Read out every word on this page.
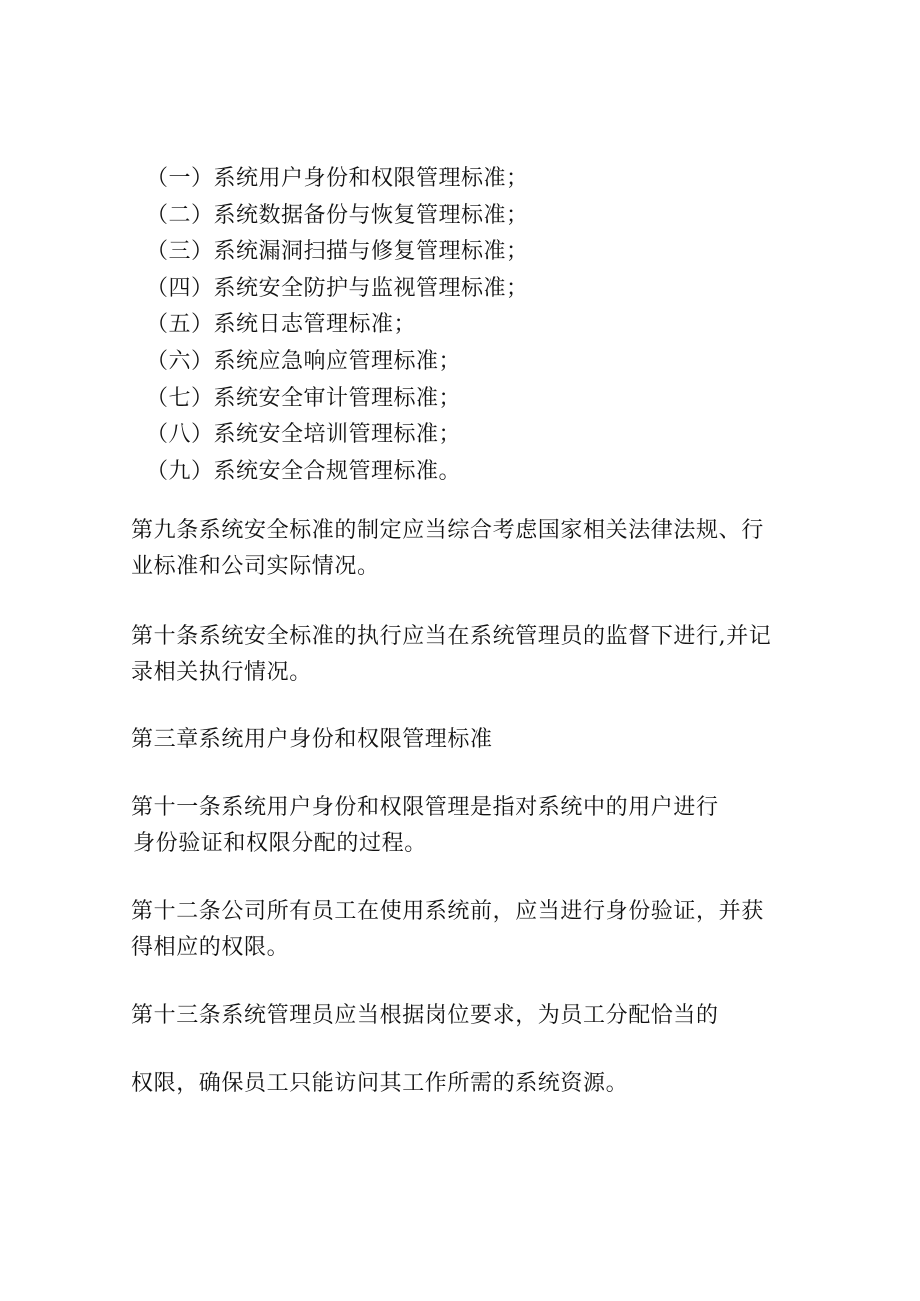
（一）系统用户身份和权限管理标准；
（二）系统数据备份与恢复管理标准；
（三）系统漏洞扫描与修复管理标准；
（四）系统安全防护与监视管理标准；
（五）系统日志管理标准；
（六）系统应急响应管理标准；
（七）系统安全审计管理标准；
（八）系统安全培训管理标准；
（九）系统安全合规管理标准。
第九条系统安全标准的制定应当综合考虑国家相关法律法规、行
业标准和公司实际情况。
第十条系统安全标准的执行应当在系统管理员的监督下进行,并记
录相关执行情况。
第三章系统用户身份和权限管理标准
第十一条系统用户身份和权限管理是指对系统中的用户进行
身份验证和权限分配的过程。
第十二条公司所有员工在使用系统前，应当进行身份验证，并获
得相应的权限。
第十三条系统管理员应当根据岗位要求，为员工分配恰当的
权限，确保员工只能访问其工作所需的系统资源。
